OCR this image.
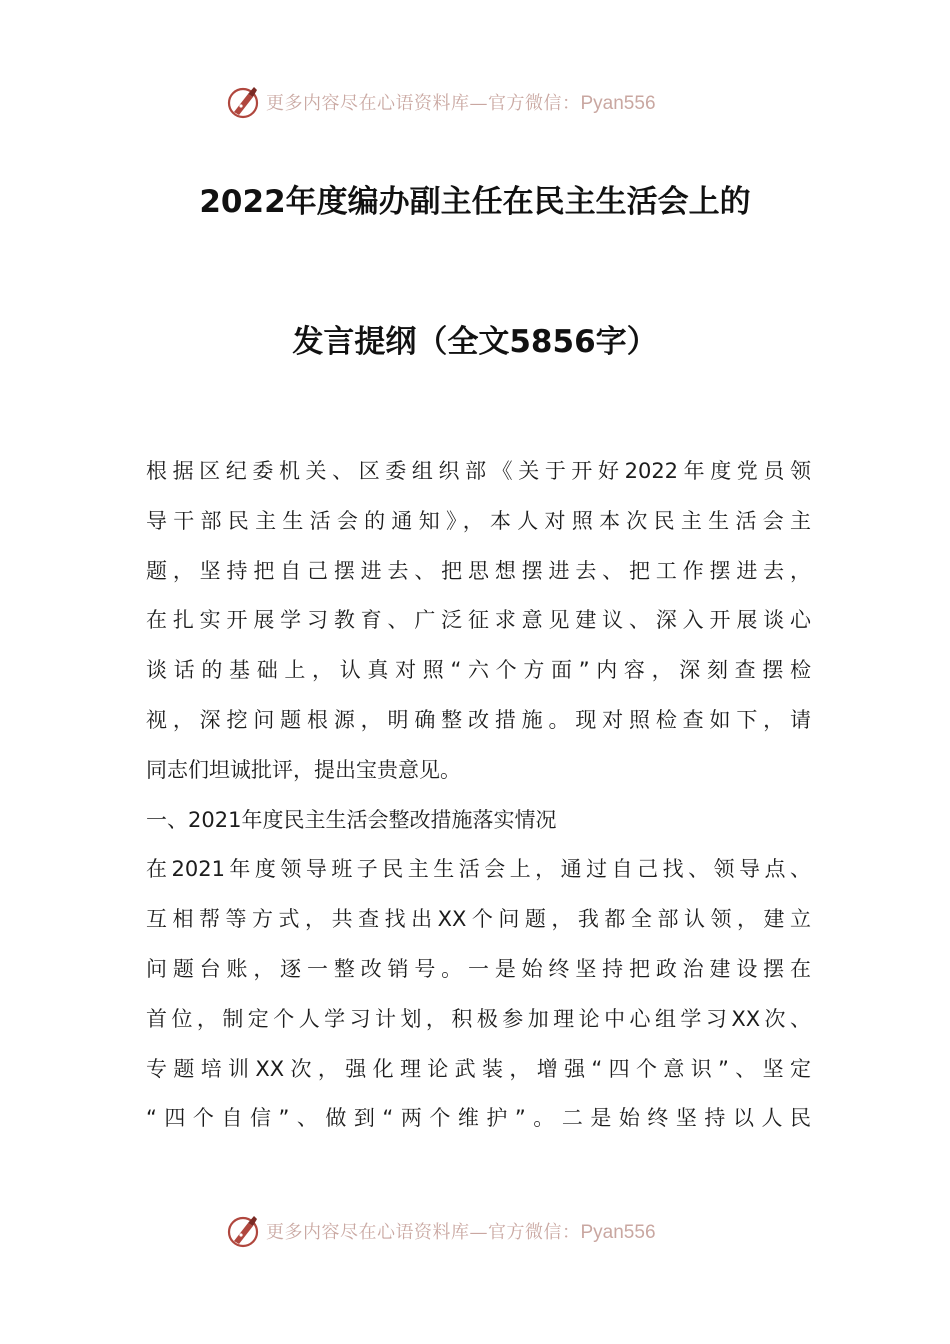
更多内容尽在心语资料库—官方微信：Pyan556
2022年度编办副主任在民主生活会上的
发言提纲（全文5856字）
根据区纪委机关、区委组织部《关于开好2022年度党员领
导干部民主生活会的通知》，本人对照本次民主生活会主
题，坚持把自己摆进去、把思想摆进去、把工作摆进去，
在扎实开展学习教育、广泛征求意见建议、深入开展谈心
谈话的基础上，认真对照“六个方面”内容，深刻查摆检
视，深挖问题根源，明确整改措施。现对照检查如下，请
同志们坦诚批评，提出宝贵意见。
一、2021年度民主生活会整改措施落实情况
在2021年度领导班子民主生活会上，通过自己找、领导点、
互相帮等方式，共查找出XX个问题，我都全部认领，建立
问题台账，逐一整改销号。一是始终坚持把政治建设摆在
首位，制定个人学习计划，积极参加理论中心组学习XX次、
专题培训XX次，强化理论武装，增强“四个意识”、坚定
“四个自信”、做到“两个维护”。二是始终坚持以人民
更多内容尽在心语资料库—官方微信：Pyan556
